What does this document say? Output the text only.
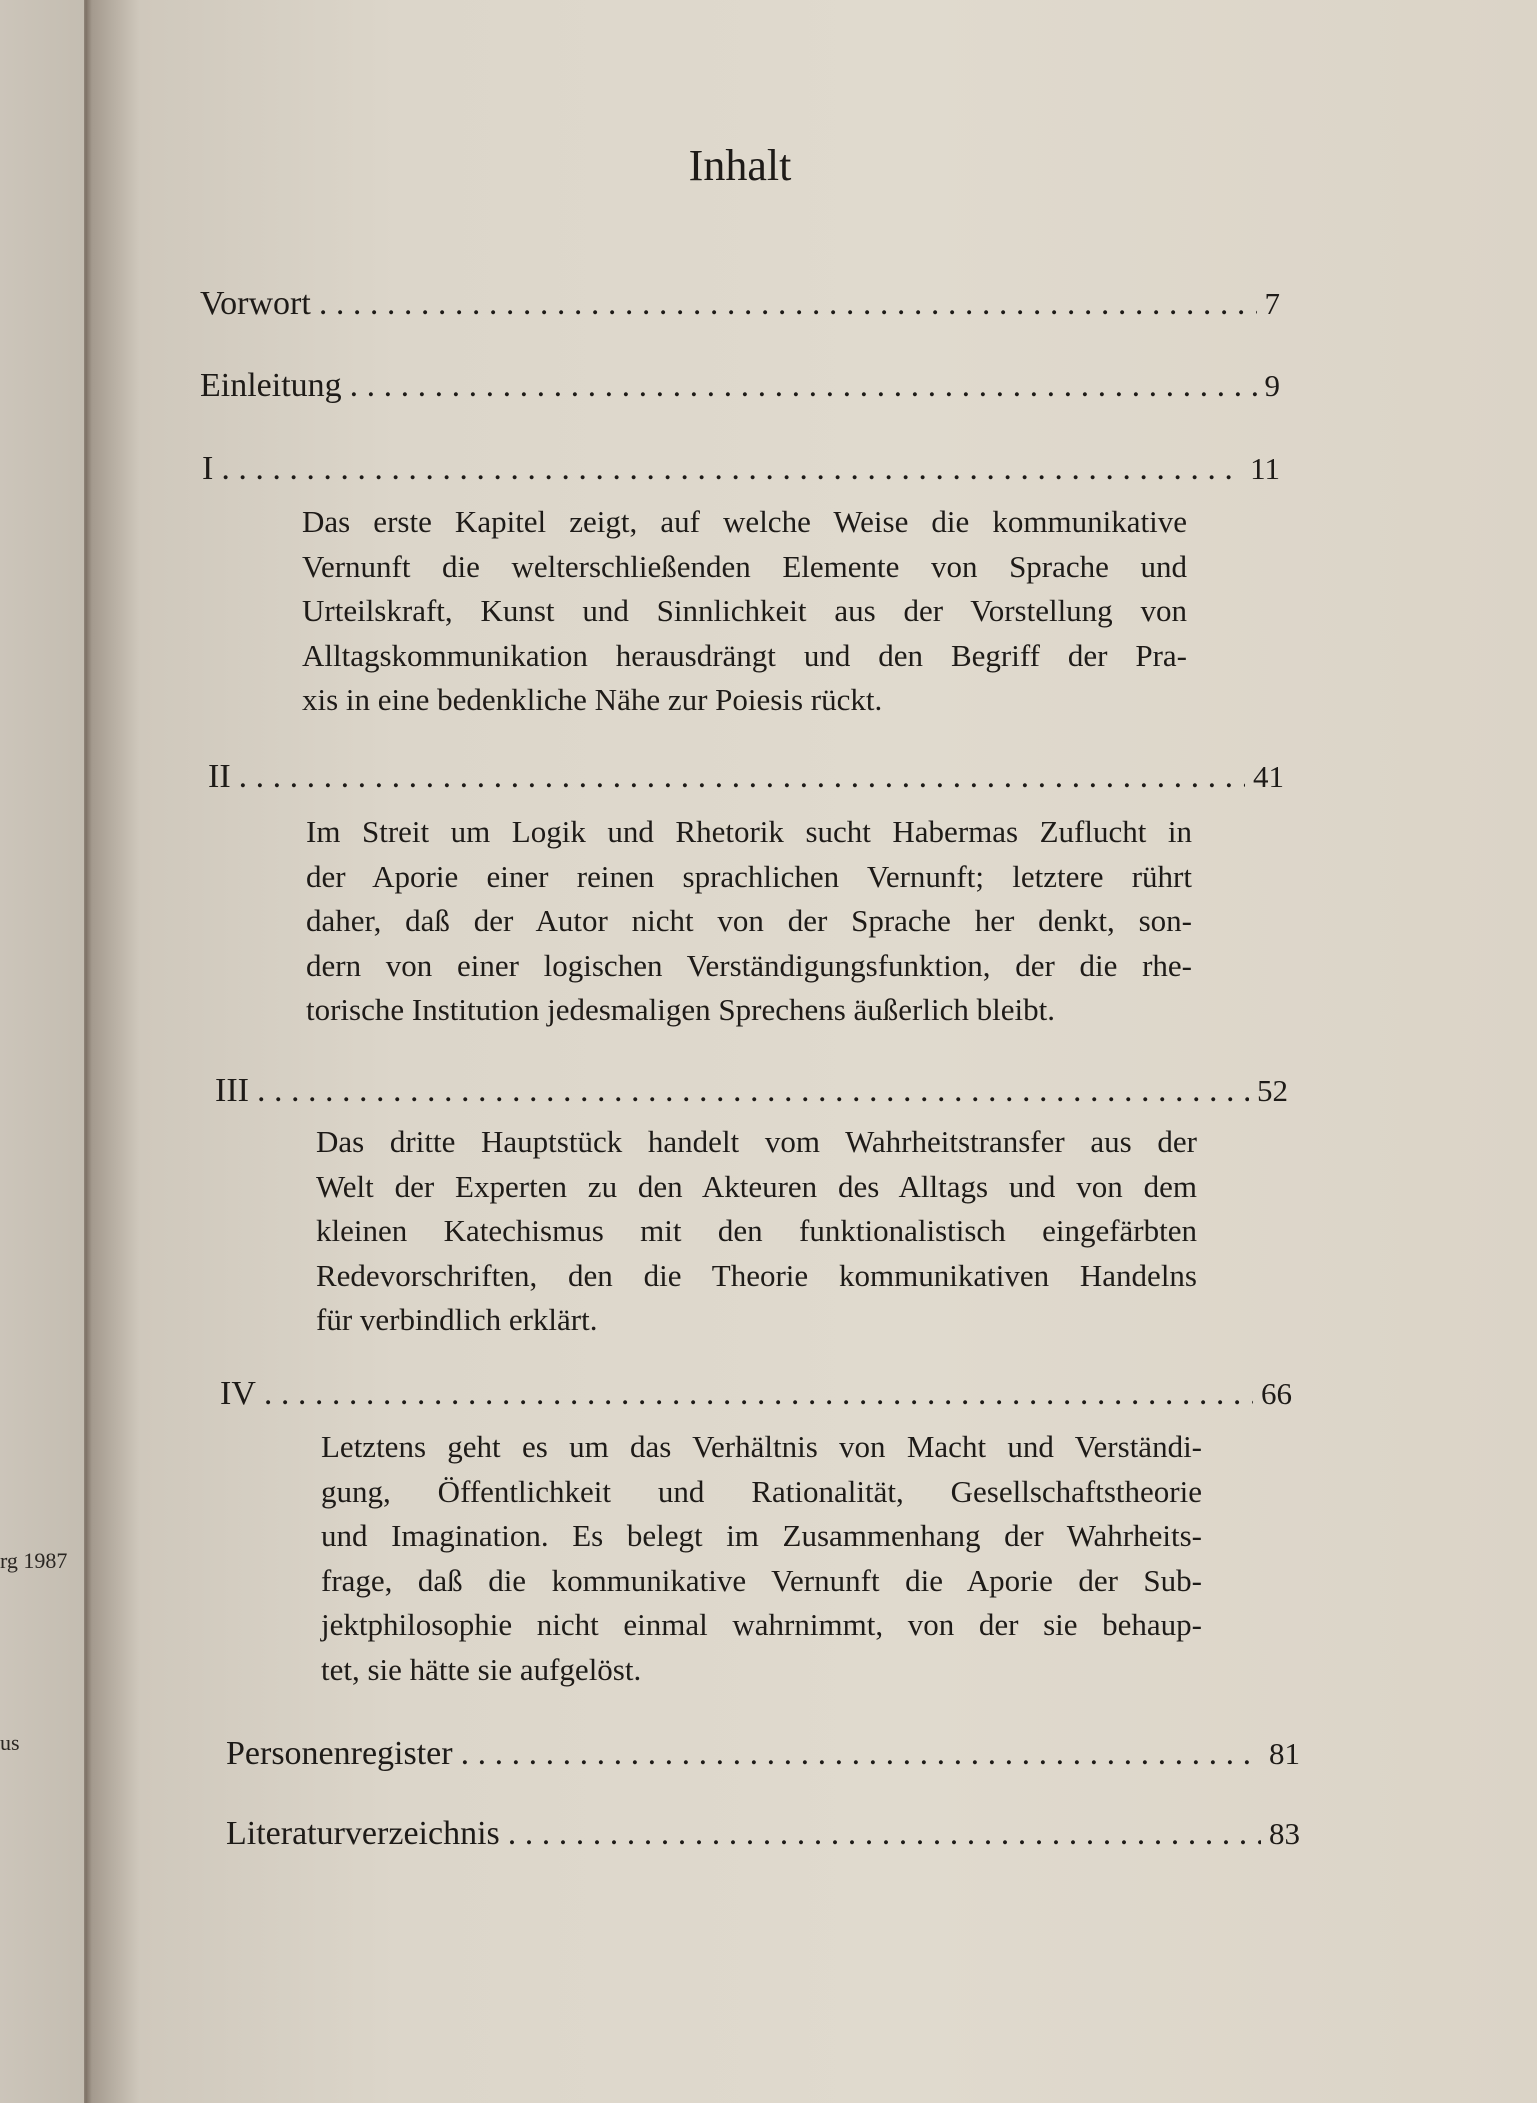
rg 1987
us
Inhalt
Vorwort . . .	7
Einleitung . . .	9
I . . .	11
Das erste Kapitel zeigt, auf welche Weise die kommunikative
Vernunft die welterschließenden Elemente von Sprache und
Urteilskraft, Kunst und Sinnlichkeit aus der Vorstellung von
Alltagskommunikation herausdrängt und den Begriff der Pra-
xis in eine bedenkliche Nähe zur Poiesis rückt.
II . . .	41
Im Streit um Logik und Rhetorik sucht Habermas Zuflucht in
der Aporie einer reinen sprachlichen Vernunft; letztere rührt
daher, daß der Autor nicht von der Sprache her denkt, son-
dern von einer logischen Verständigungsfunktion, der die rhe-
torische Institution jedesmaligen Sprechens äußerlich bleibt.
III . . .	52
Das dritte Hauptstück handelt vom Wahrheitstransfer aus der
Welt der Experten zu den Akteuren des Alltags und von dem
kleinen Katechismus mit den funktionalistisch eingefärbten
Redevorschriften, den die Theorie kommunikativen Handelns
für verbindlich erklärt.
IV . . .	66
Letztens geht es um das Verhältnis von Macht und Verständi-
gung, Öffentlichkeit und Rationalität, Gesellschaftstheorie
und Imagination. Es belegt im Zusammenhang der Wahrheits-
frage, daß die kommunikative Vernunft die Aporie der Sub-
jektphilosophie nicht einmal wahrnimmt, von der sie behaup-
tet, sie hätte sie aufgelöst.
Personenregister . . .	81
Literaturverzeichnis . . .	83
